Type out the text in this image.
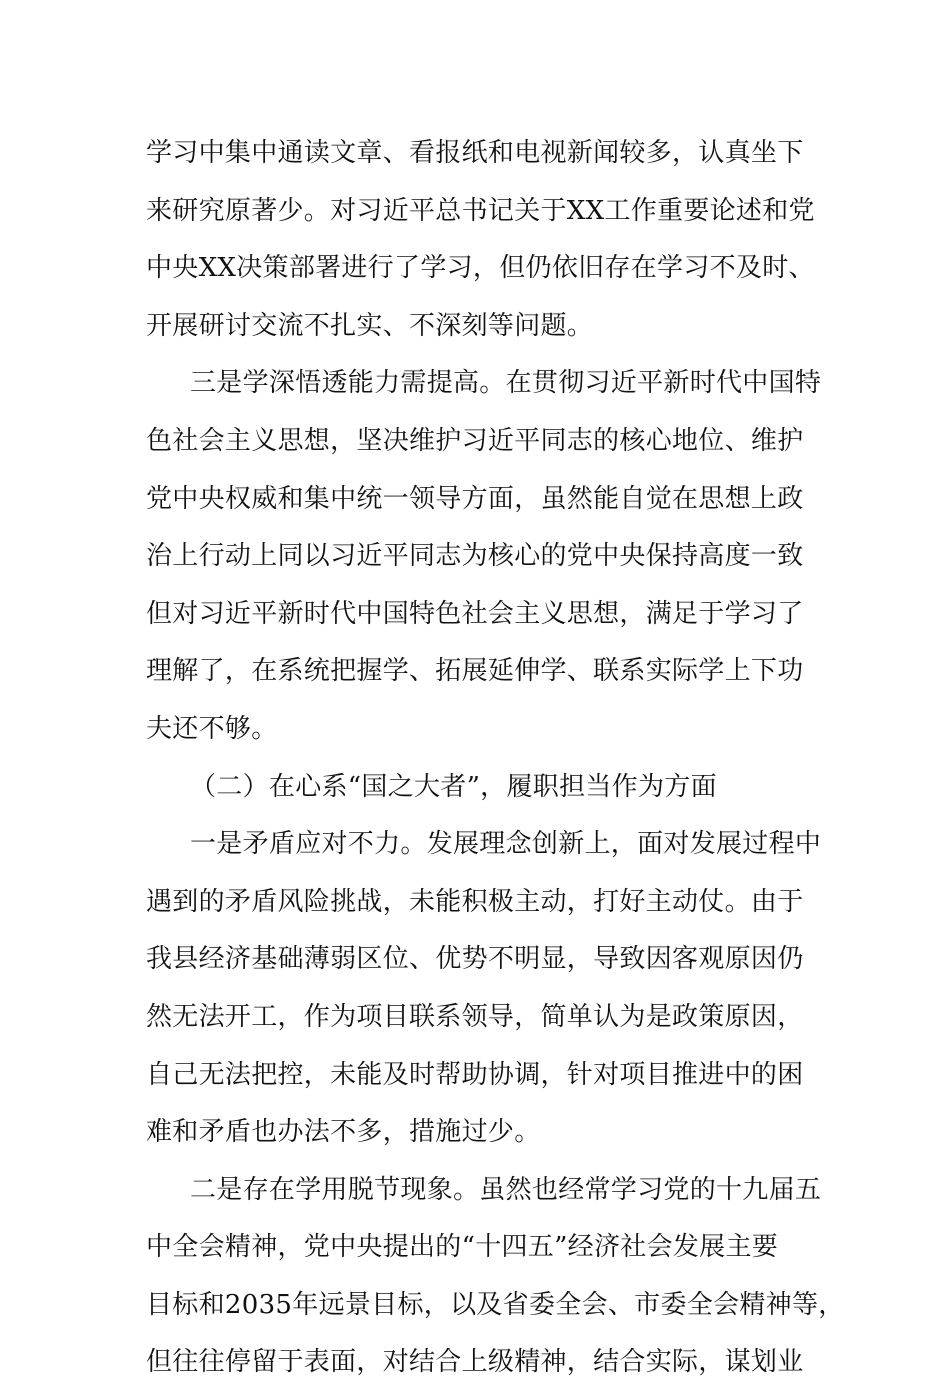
学习中集中通读文章、看报纸和电视新闻较多，认真坐下
来研究原著少。对习近平总书记关于XX工作重要论述和党
中央XX决策部署进行了学习，但仍依旧存在学习不及时、
开展研讨交流不扎实、不深刻等问题。
三是学深悟透能力需提高。在贯彻习近平新时代中国特
色社会主义思想，坚决维护习近平同志的核心地位、维护
党中央权威和集中统一领导方面，虽然能自觉在思想上政
治上行动上同以习近平同志为核心的党中央保持高度一致
但对习近平新时代中国特色社会主义思想，满足于学习了
理解了，在系统把握学、拓展延伸学、联系实际学上下功
夫还不够。
（二）在心系“国之大者”，履职担当作为方面
一是矛盾应对不力。发展理念创新上，面对发展过程中
遇到的矛盾风险挑战，未能积极主动，打好主动仗。由于
我县经济基础薄弱区位、优势不明显，导致因客观原因仍
然无法开工，作为项目联系领导，简单认为是政策原因，
自己无法把控，未能及时帮助协调，针对项目推进中的困
难和矛盾也办法不多，措施过少。
二是存在学用脱节现象。虽然也经常学习党的十九届五
中全会精神，党中央提出的“十四五”经济社会发展主要
目标和2035年远景目标，以及省委全会、市委全会精神等，
但往往停留于表面，对结合上级精神，结合实际，谋划业
